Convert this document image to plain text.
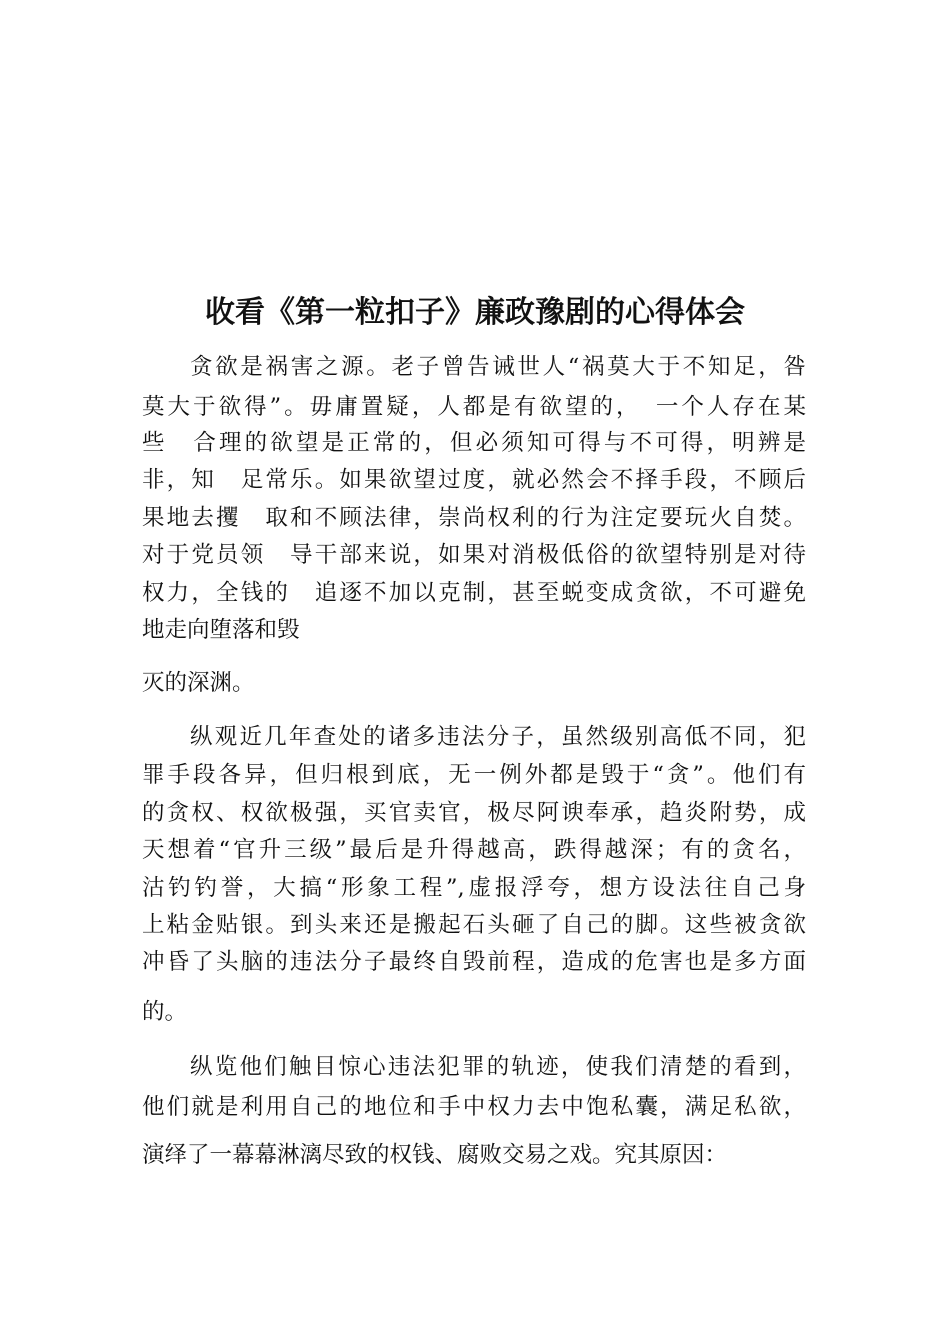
收看《第一粒扣子》廉政豫剧的心得体会

贪欲是祸害之源。老子曾告诫世人“祸莫大于不知足，咎

莫大于欲得”。毋庸置疑，人都是有欲望的，　一个人存在某

些　合理的欲望是正常的，但必须知可得与不可得，明辨是

非，知　足常乐。如果欲望过度，就必然会不择手段，不顾后

果地去攫　取和不顾法律，崇尚权利的行为注定要玩火自焚。

对于党员领　导干部来说，如果对消极低俗的欲望特别是对待

权力，全钱的　追逐不加以克制，甚至蜕变成贪欲，不可避免

地走向堕落和毁

灭的深渊。

纵观近几年查处的诸多违法分子，虽然级别高低不同，犯

罪手段各异，但归根到底，无一例外都是毁于“贪”。他们有

的贪权、权欲极强，买官卖官，极尽阿谀奉承，趋炎附势，成

天想着“官升三级”最后是升得越高，跌得越深；有的贪名，

沽钓钓誉，大搞“形象工程”,虚报浮夸，想方设法往自己身

上粘金贴银。到头来还是搬起石头砸了自己的脚。这些被贪欲

冲昏了头脑的违法分子最终自毁前程，造成的危害也是多方面

的。

纵览他们触目惊心违法犯罪的轨迹，使我们清楚的看到，

他们就是利用自己的地位和手中权力去中饱私囊，满足私欲，

演绎了一幕幕淋漓尽致的权钱、腐败交易之戏。究其原因：
